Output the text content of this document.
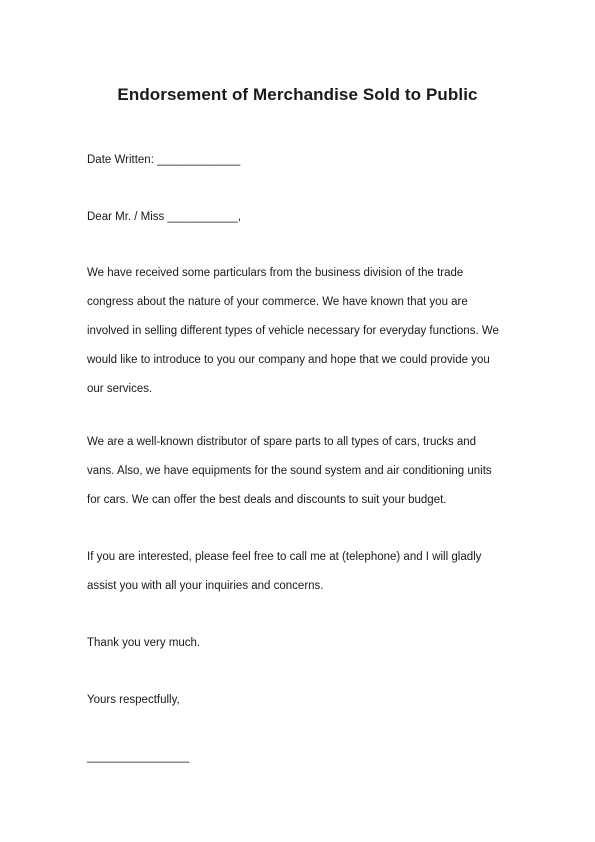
Endorsement of Merchandise Sold to Public

Date Written: _____________

Dear Mr. / Miss ___________,

We have received some particulars from the business division of the trade
congress about the nature of your commerce. We have known that you are
involved in selling different types of vehicle necessary for everyday functions. We
would like to introduce to you our company and hope that we could provide you
our services.
We are a well-known distributor of spare parts to all types of cars, trucks and
vans. Also, we have equipments for the sound system and air conditioning units
for cars. We can offer the best deals and discounts to suit your budget.
If you are interested, please feel free to call me at (telephone) and I will gladly
assist you with all your inquiries and concerns.

Thank you very much.

Yours respectfully,

________________
